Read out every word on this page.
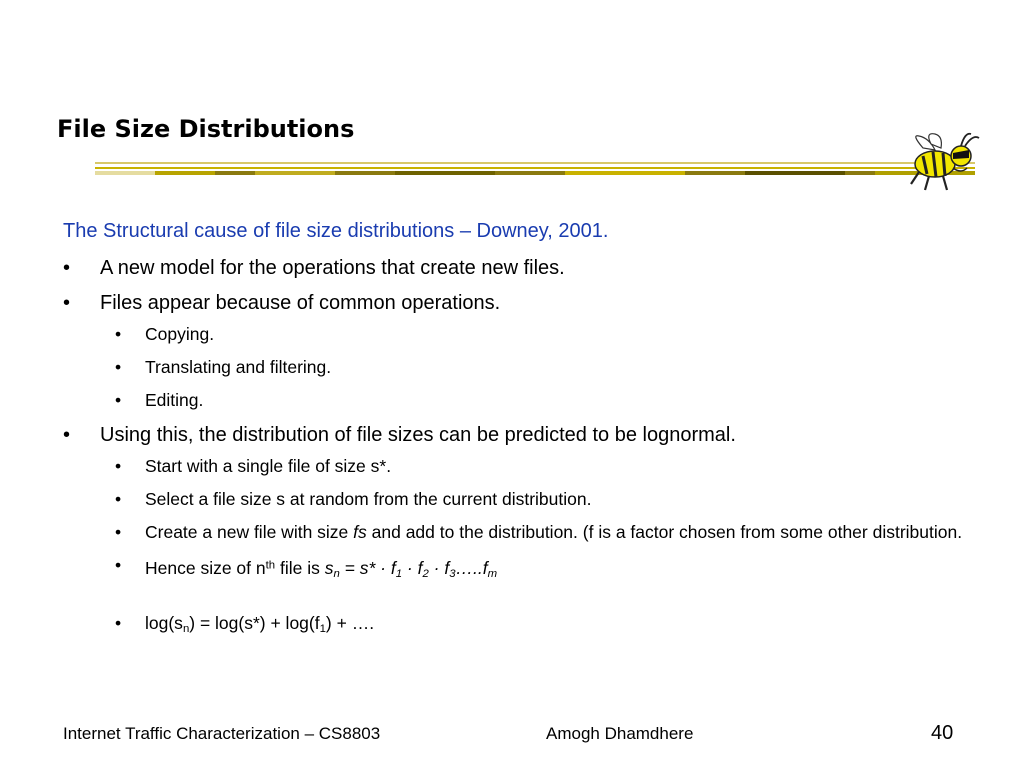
File Size Distributions
The Structural cause of file size distributions – Downey, 2001.
• A new model for the operations that create new files.
• Files appear because of common operations.
• Copying.
• Translating and filtering.
• Editing.
• Using this, the distribution of file sizes can be predicted to be lognormal.
• Start with a single file of size s*.
• Select a file size s at random from the current distribution.
• Create a new file with size fs and add to the distribution. (f is a factor chosen from some other distribution.
• Hence size of $n^{th}$ file is $s_n = s* \cdot f_1 \cdot f_2$ · $f_3\dots..f_m$
• $\log(s_n) = \log(s*) + \log(f_1)$ + ….
Internet Traffic Characterization – CS8803	Amogh Dhamdhere	40
